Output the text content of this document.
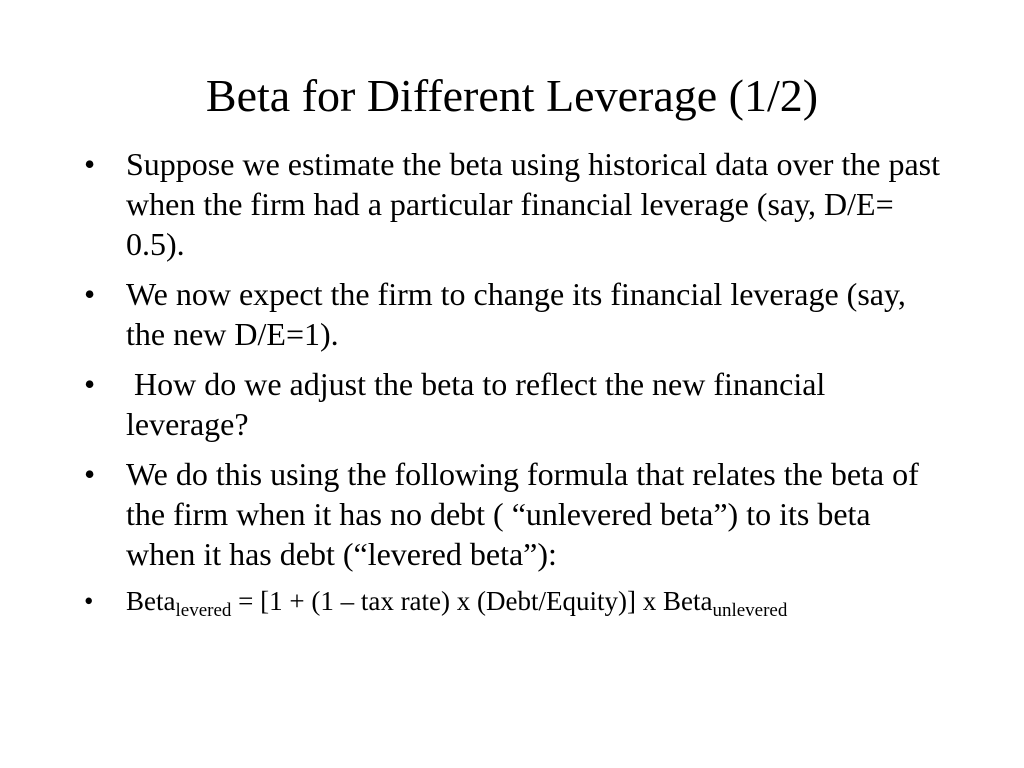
Beta for Different Leverage (1/2)
• Suppose we estimate the beta using historical data over the past when the firm had a particular financial leverage (say, D/E= 0.5).
• We now expect the firm to change its financial leverage (say, the new D/E=1).
• How do we adjust the beta to reflect the new financial leverage?
• We do this using the following formula that relates the beta of the firm when it has no debt ( “unlevered beta”) to its beta when it has debt (“levered beta”):
•	Beta$_{levered}$ = [1 + (1 – tax rate) x (Debt/Equity)] x Beta$_{unlevered}$
